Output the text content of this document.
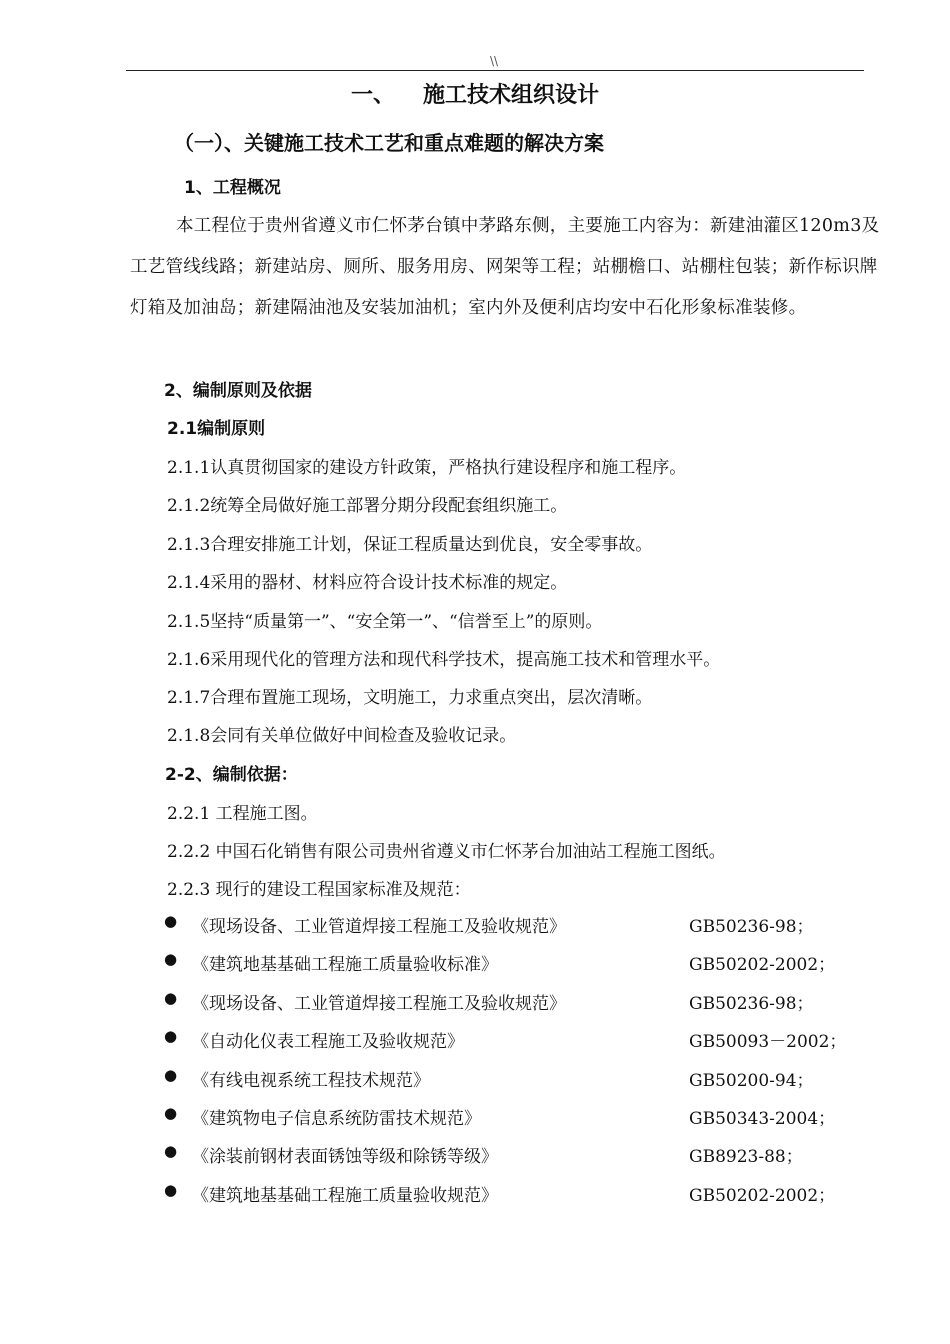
\\
一、 施工技术组织设计
（一）、关键施工技术工艺和重点难题的解决方案
1、工程概况
本工程位于贵州省遵义市仁怀茅台镇中茅路东侧，主要施工内容为：新建油灌区120m3及工艺管线线路；新建站房、厕所、服务用房、网架等工程；站棚檐口、站棚柱包装；新作标识牌灯箱及加油岛；新建隔油池及安装加油机；室内外及便利店均安中石化形象标准装修。
2、编制原则及依据
2.1编制原则
2.1.1认真贯彻国家的建设方针政策，严格执行建设程序和施工程序。
2.1.2统筹全局做好施工部署分期分段配套组织施工。
2.1.3合理安排施工计划，保证工程质量达到优良，安全零事故。
2.1.4采用的器材、材料应符合设计技术标准的规定。
2.1.5坚持“质量第一”、“安全第一”、“信誉至上”的原则。
2.1.6采用现代化的管理方法和现代科学技术，提高施工技术和管理水平。
2.1.7合理布置施工现场，文明施工，力求重点突出，层次清晰。
2.1.8会同有关单位做好中间检查及验收记录。
2-2、编制依据：
2.2.1 工程施工图。
2.2.2 中国石化销售有限公司贵州省遵义市仁怀茅台加油站工程施工图纸。
2.2.3 现行的建设工程国家标准及规范：
● 《现场设备、工业管道焊接工程施工及验收规范》	GB50236-98；
● 《建筑地基基础工程施工质量验收标准》	GB50202-2002；
● 《现场设备、工业管道焊接工程施工及验收规范》	GB50236-98；
● 《自动化仪表工程施工及验收规范》	GB50093－2002；
● 《有线电视系统工程技术规范》	GB50200-94；
● 《建筑物电子信息系统防雷技术规范》	GB50343-2004；
● 《涂装前钢材表面锈蚀等级和除锈等级》	GB8923-88；
● 《建筑地基基础工程施工质量验收规范》	GB50202-2002；
